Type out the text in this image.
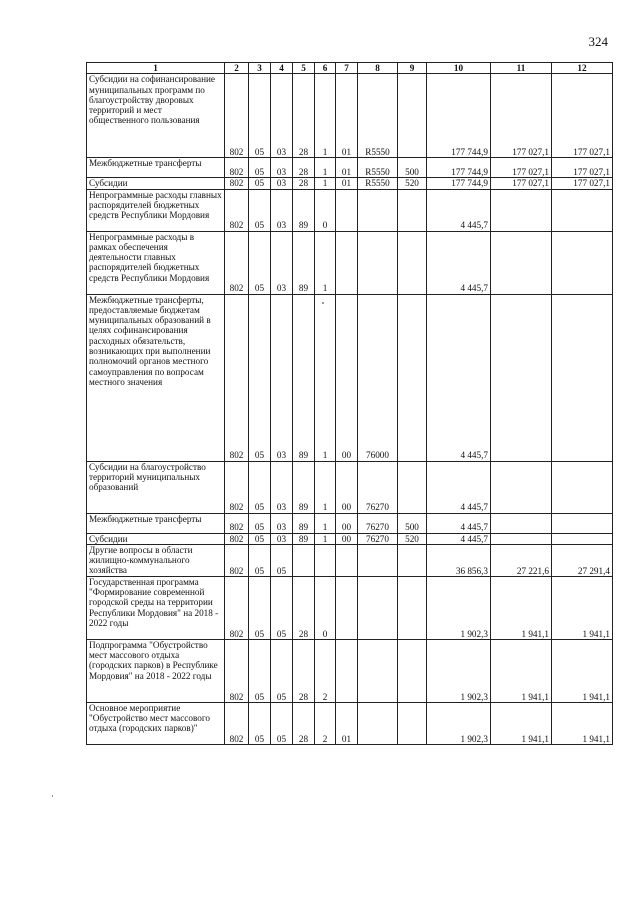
324
1	2	3	4	5	6	7	8	9	10	11	12
Субсидии на софинансирование муниципальных программ по благоустройству дворовых территорий и мест общественного пользования	802	05	03	28	1	01	R5550		177 744,9	177 027,1	177 027,1
Межбюджетные трансферты	802	05	03	28	1	01	R5550	500	177 744,9	177 027,1	177 027,1
Субсидии	802	05	03	28	1	01	R5550	520	177 744,9	177 027,1	177 027,1
Непрограммные расходы главных распорядителей бюджетных средств Республики Мордовия	802	05	03	89	0				4 445,7		
Непрограммные расходы в рамках обеспечения деятельности главных распорядителей бюджетных средств Республики Мордовия	802	05	03	89	1				4 445,7		
Межбюджетные трансферты, предоставляемые бюджетам муниципальных образований в целях софинансирования расходных обязательств, возникающих при выполнении полномочий органов местного самоуправления по вопросам местного значения	802	05	03	89	1	00	76000		4 445,7		
Субсидии на благоустройство территорий муниципальных образований	802	05	03	89	1	00	76270		4 445,7		
Межбюджетные трансферты	802	05	03	89	1	00	76270	500	4 445,7		
Субсидии	802	05	03	89	1	00	76270	520	4 445,7		
Другие вопросы в области жилищно-коммунального хозяйства	802	05	05						36 856,3	27 221,6	27 291,4
Государственная программа "Формирование современной городской среды на территории Республики Мордовия" на 2018 - 2022 годы	802	05	05	28	0				1 902,3	1 941,1	1 941,1
Подпрограмма "Обустройство мест массового отдыха (городских парков) в Республике Мордовия" на 2018 - 2022 годы	802	05	05	28	2				1 902,3	1 941,1	1 941,1
Основное мероприятие "Обустройство мест массового отдыха (городских парков)"	802	05	05	28	2	01			1 902,3	1 941,1	1 941,1
